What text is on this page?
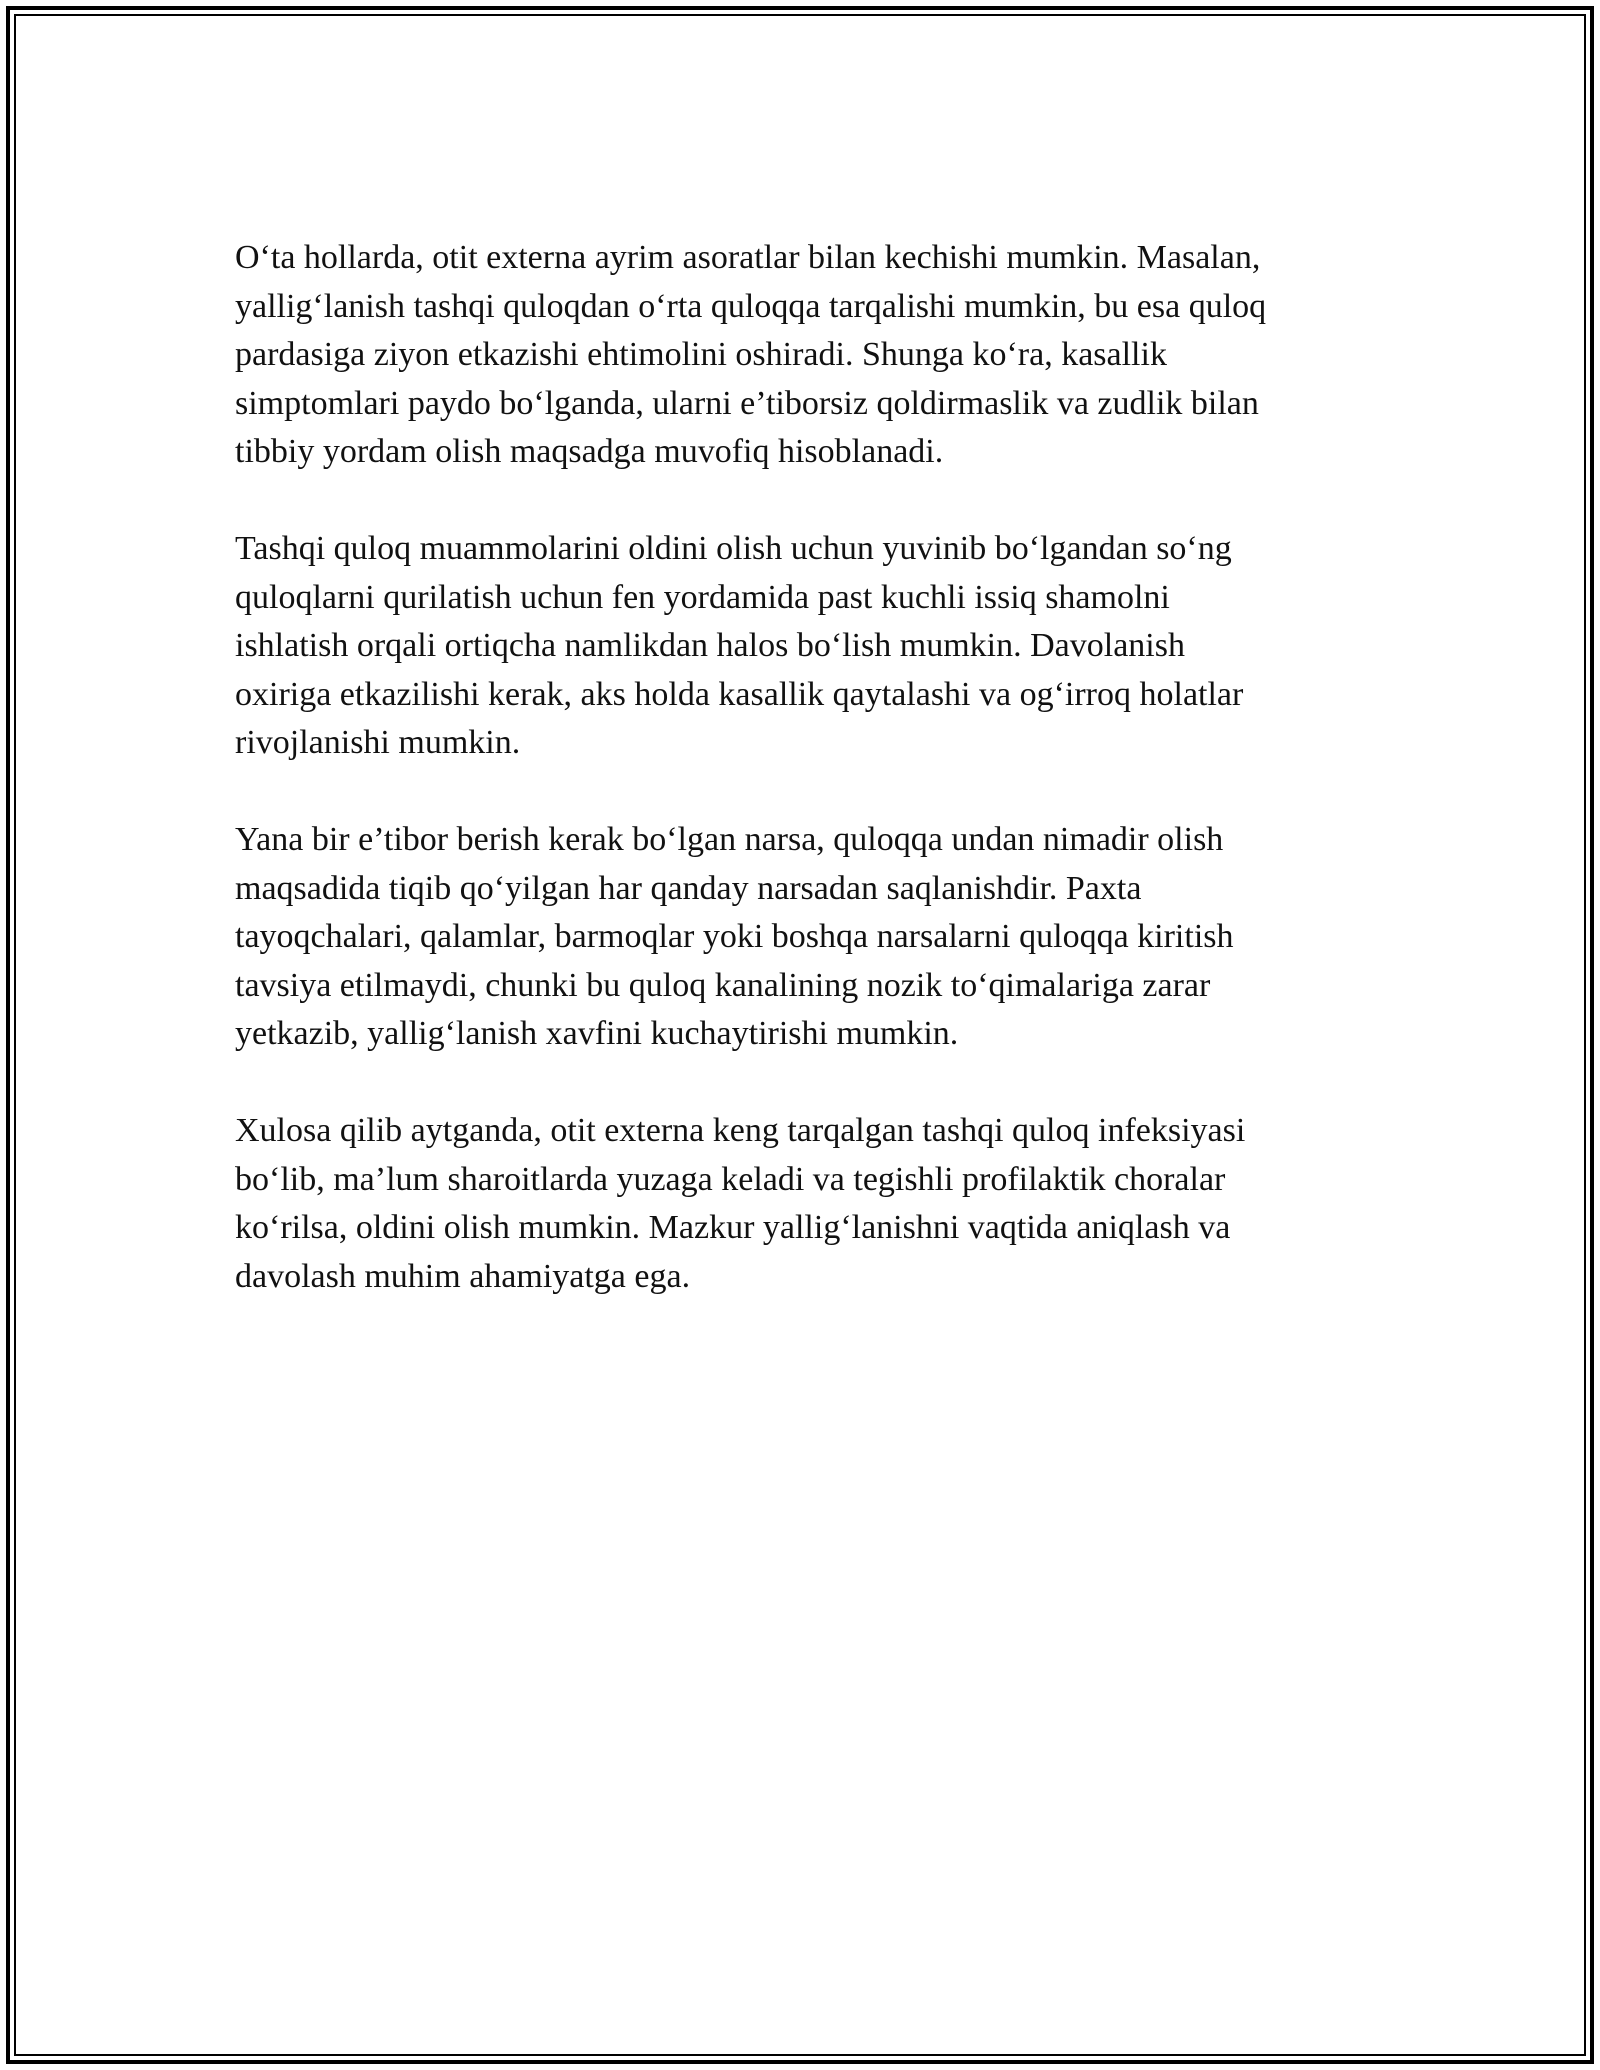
O‘ta hollarda, otit externa ayrim asoratlar bilan kechishi mumkin. Masalan,
yallig‘lanish tashqi quloqdan o‘rta quloqqa tarqalishi mumkin, bu esa quloq
pardasiga ziyon etkazishi ehtimolini oshiradi. Shunga ko‘ra, kasallik
simptomlari paydo bo‘lganda, ularni e’tiborsiz qoldirmaslik va zudlik bilan
tibbiy yordam olish maqsadga muvofiq hisoblanadi.

Tashqi quloq muammolarini oldini olish uchun yuvinib bo‘lgandan so‘ng
quloqlarni qurilatish uchun fen yordamida past kuchli issiq shamolni
ishlatish orqali ortiqcha namlikdan halos bo‘lish mumkin. Davolanish
oxiriga etkazilishi kerak, aks holda kasallik qaytalashi va og‘irroq holatlar
rivojlanishi mumkin.

Yana bir e’tibor berish kerak bo‘lgan narsa, quloqqa undan nimadir olish
maqsadida tiqib qo‘yilgan har qanday narsadan saqlanishdir. Paxta
tayoqchalari, qalamlar, barmoqlar yoki boshqa narsalarni quloqqa kiritish
tavsiya etilmaydi, chunki bu quloq kanalining nozik to‘qimalariga zarar
yetkazib, yallig‘lanish xavfini kuchaytirishi mumkin.

Xulosa qilib aytganda, otit externa keng tarqalgan tashqi quloq infeksiyasi
bo‘lib, ma’lum sharoitlarda yuzaga keladi va tegishli profilaktik choralar
ko‘rilsa, oldini olish mumkin. Mazkur yallig‘lanishni vaqtida aniqlash va
davolash muhim ahamiyatga ega.
